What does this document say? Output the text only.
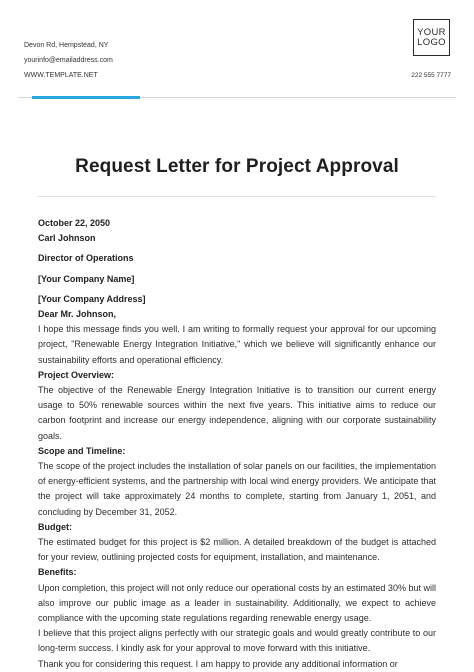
Devon Rd, Hempstead, NY
yourinfo@emailaddress.com
WWW.TEMPLATE.NET
YOUR
LOGO
222 555 7777
Request Letter for Project Approval

October 22, 2050

Carl Johnson

Director of Operations

[Your Company Name]

[Your Company Address]

Dear Mr. Johnson,

I hope this message finds you well. I am writing to formally request your approval for our upcoming project, "Renewable Energy Integration Initiative," which we believe will significantly enhance our sustainability efforts and operational efficiency.

Project Overview:

The objective of the Renewable Energy Integration Initiative is to transition our current energy usage to 50% renewable sources within the next five years. This initiative aims to reduce our carbon footprint and increase our energy independence, aligning with our corporate sustainability goals.

Scope and Timeline:

The scope of the project includes the installation of solar panels on our facilities, the implementation of energy-efficient systems, and the partnership with local wind energy providers. We anticipate that the project will take approximately 24 months to complete, starting from January 1, 2051, and concluding by December 31, 2052.

Budget:

The estimated budget for this project is $2 million. A detailed breakdown of the budget is attached for your review, outlining projected costs for equipment, installation, and maintenance.

Benefits:

Upon completion, this project will not only reduce our operational costs by an estimated 30% but will also improve our public image as a leader in sustainability. Additionally, we expect to achieve compliance with the upcoming state regulations regarding renewable energy usage.

I believe that this project aligns perfectly with our strategic goals and would greatly contribute to our long-term success. I kindly ask for your approval to move forward with this initiative.

Thank you for considering this request. I am happy to provide any additional information or
